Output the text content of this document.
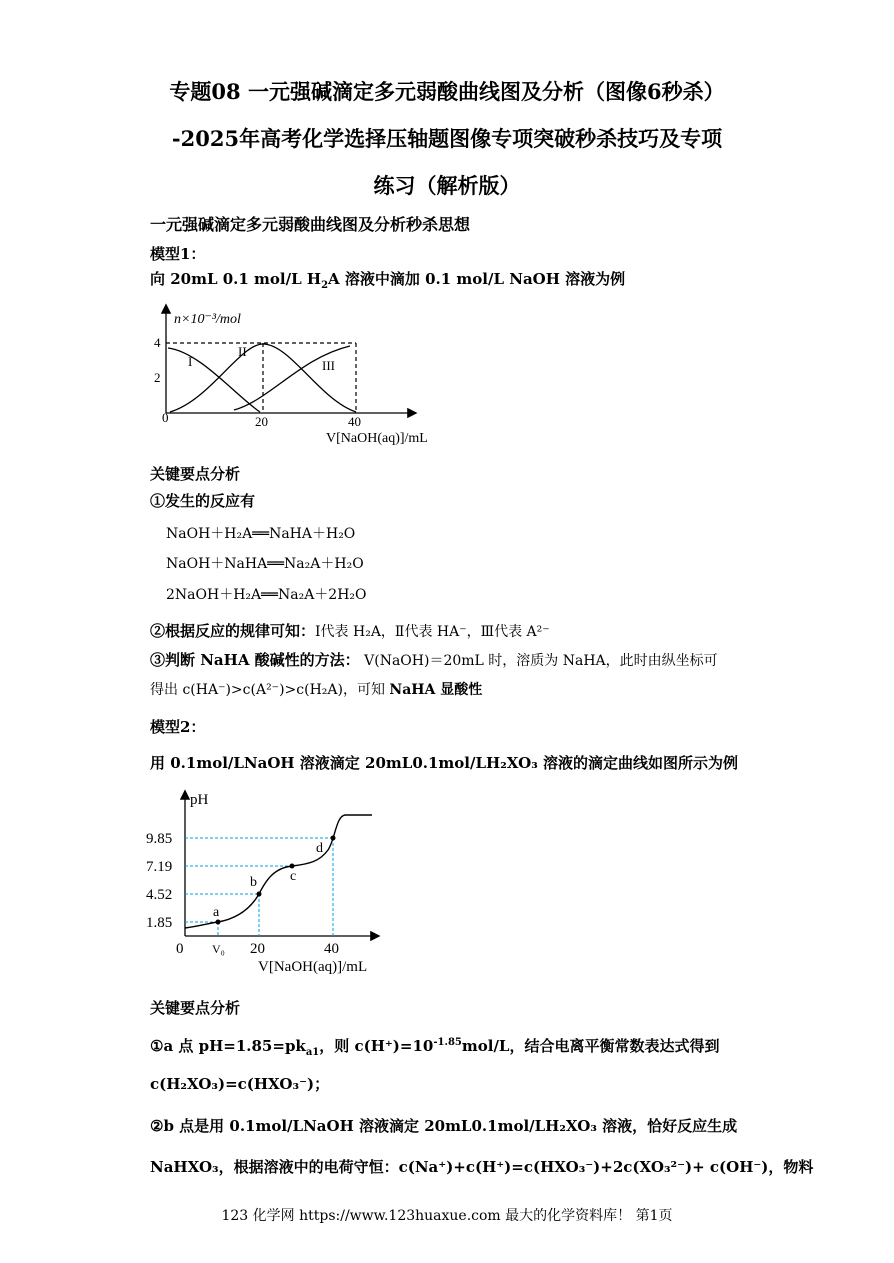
专题08 一元强碱滴定多元弱酸曲线图及分析（图像6秒杀）
-2025年高考化学选择压轴题图像专项突破秒杀技巧及专项
练习（解析版）
一元强碱滴定多元弱酸曲线图及分析秒杀思想
模型1：
向 20mL 0.1 mol/L $H_2A$ 溶液中滴加 0.1 mol/L NaOH 溶液为例
n×10⁻³/mol
4
2
0	20	40
I
II
III
V[NaOH(aq)]/mL
关键要点分析
①发生的反应有
NaOH＋H₂A══NaHA＋H₂O
NaOH＋NaHA══Na₂A＋H₂O
2NaOH＋H₂A══Na₂A＋2H₂O
②根据反应的规律可知：Ⅰ代表 H₂A，Ⅱ代表 HA⁻，Ⅲ代表 A²⁻
③判断 NaHA 酸碱性的方法： V(NaOH)＝20mL 时，溶质为 NaHA，此时由纵坐标可
得出 c(HA⁻)>c(A²⁻)>c(H₂A)，可知 NaHA 显酸性
模型2：
用 0.1mol/LNaOH 溶液滴定 20mL0.1mol/LH₂XO₃ 溶液的滴定曲线如图所示为例
pH
9.85
7.19
4.52
1.85
0 V₀ 20	40
a
b c
d
V[NaOH(aq)]/mL
关键要点分析
①a 点 $pH=1.85=pk_{a1}$，则 $c(H^+)=10^{-1.85}mol/L$，结合电离平衡常数表达式得到
c(H₂XO₃)=c(HXO₃⁻)；
②b 点是用 0.1mol/LNaOH 溶液滴定 20mL0.1mol/LH₂XO₃ 溶液，恰好反应生成
NaHXO₃，根据溶液中的电荷守恒：c(Na⁺)+c(H⁺)=c(HXO₃⁻)+2c(XO₃²⁻)+ c(OH⁻)，物料
123 化学网 https://www.123huaxue.com 最大的化学资料库！ 第1页
